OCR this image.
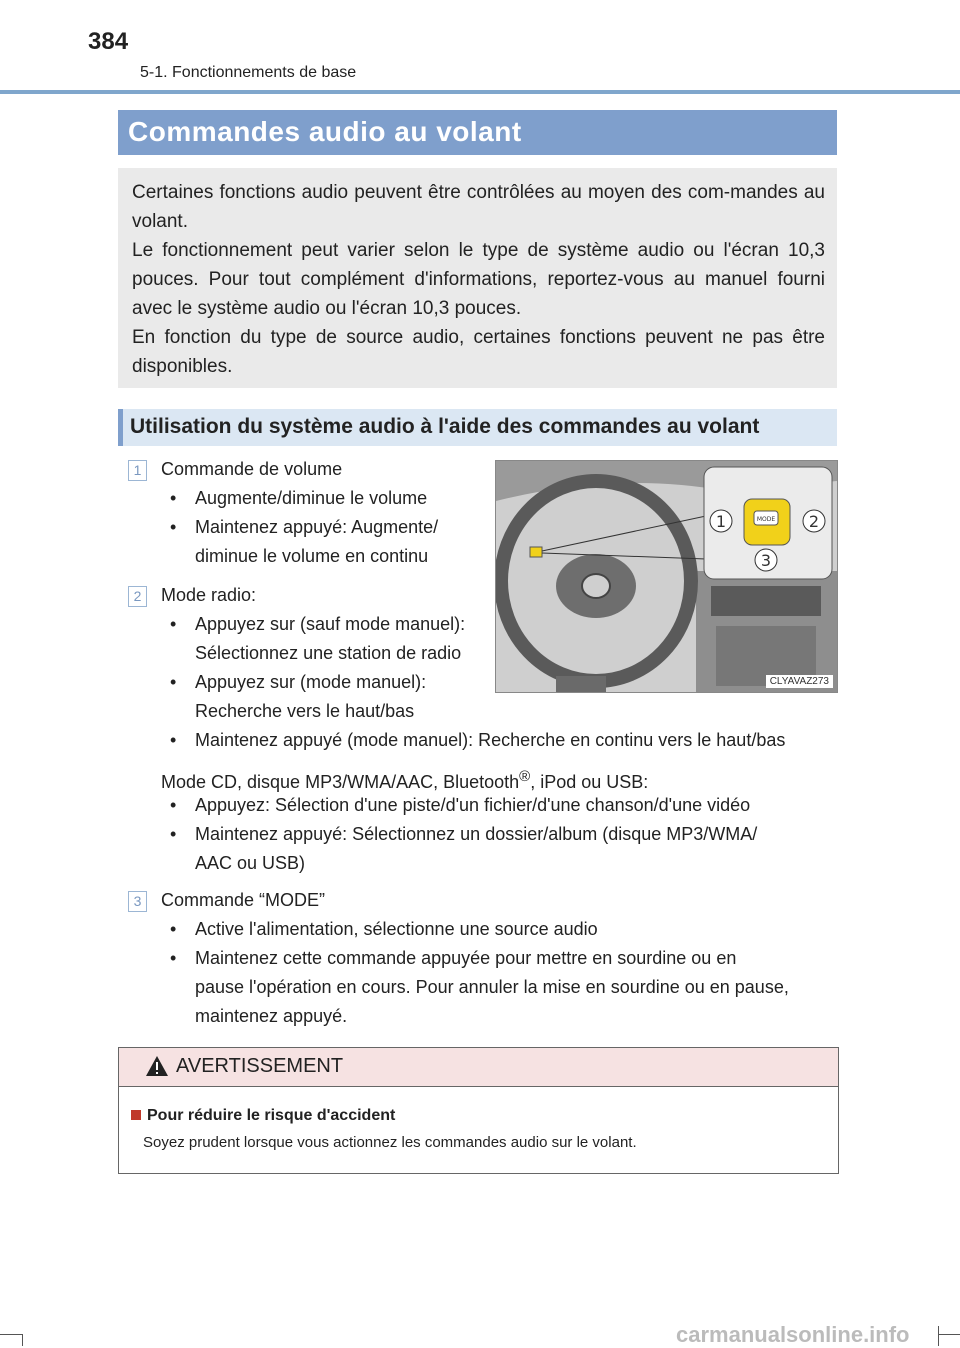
384
5-1. Fonctionnements de base
Commandes audio au volant

Certaines fonctions audio peuvent être contrôlées au moyen des com-mandes au volant.

Le fonctionnement peut varier selon le type de système audio ou l'écran 10,3 pouces. Pour tout complément d'informations, reportez-vous au manuel fourni avec le système audio ou l'écran 10,3 pouces.

En fonction du type de source audio, certaines fonctions peuvent ne pas être disponibles.

Utilisation du système audio à l'aide des commandes au volant
MODE
1	2
3
CLYAVAZ273
1	Commande de volume
• Augmente/diminue le volume
• Maintenez appuyé: Augmente/
diminue le volume en continu
2	Mode radio:
• Appuyez sur (sauf mode manuel):
Sélectionnez une station de radio
• Appuyez sur (mode manuel):
Recherche vers le haut/bas
• Maintenez appuyé (mode manuel): Recherche en continu vers le haut/bas
Mode CD, disque MP3/WMA/AAC, Bluetooth®, iPod ou USB:
• Appuyez: Sélection d'une piste/d'un fichier/d'une chanson/d'une vidéo
• Maintenez appuyé: Sélectionnez un dossier/album (disque MP3/WMA/
AAC ou USB)
3	Commande “MODE”
• Active l'alimentation, sélectionne une source audio
• Maintenez cette commande appuyée pour mettre en sourdine ou en
pause l'opération en cours. Pour annuler la mise en sourdine ou en pause,
maintenez appuyé.
AVERTISSEMENT
Pour réduire le risque d'accident
Soyez prudent lorsque vous actionnez les commandes audio sur le volant.
carmanualsonline.info
